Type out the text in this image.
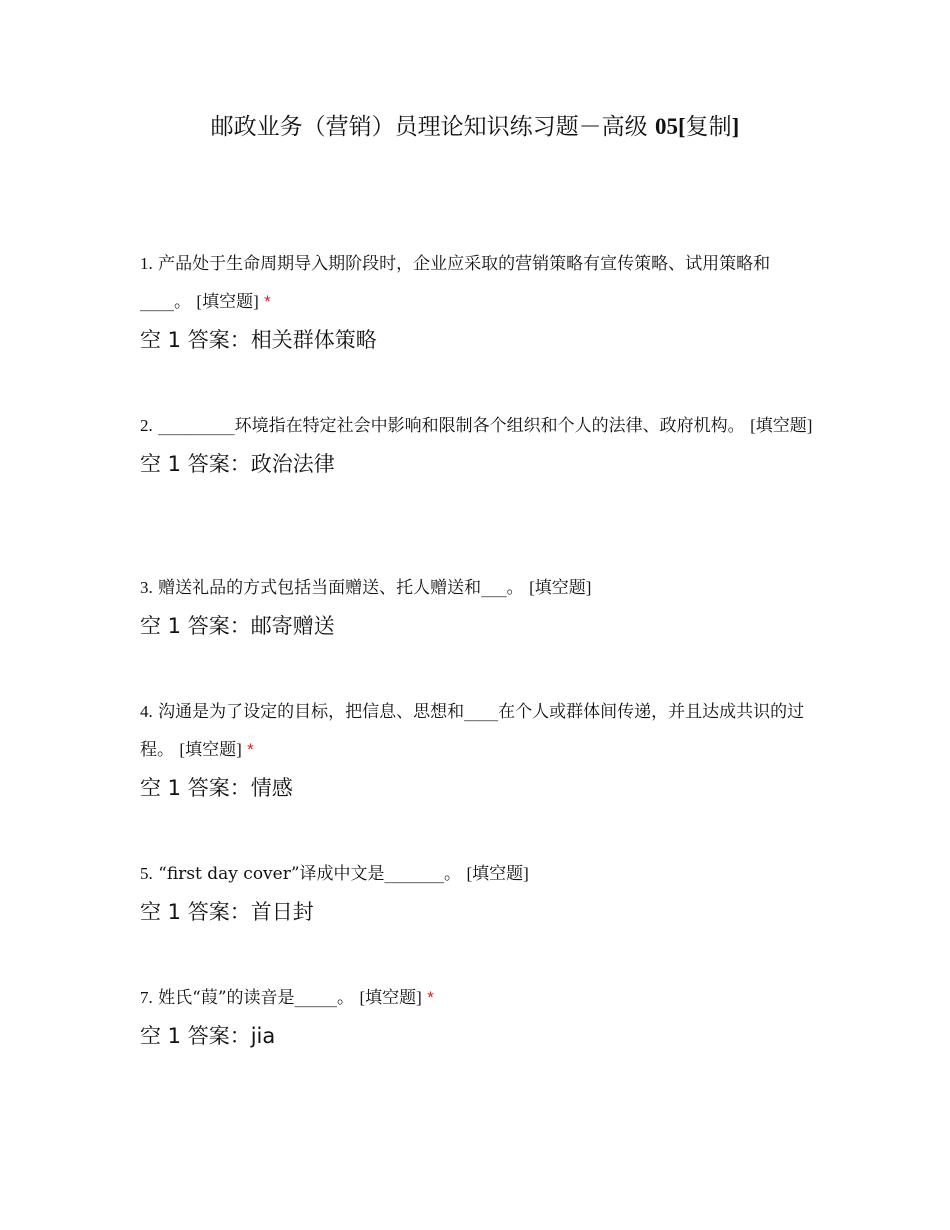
邮政业务（营销）员理论知识练习题－高级 05[复制]

1. 产品处于生命周期导入期阶段时，企业应采取的营销策略有宣传策略、试用策略和____。 [填空题] *

空 1 答案：相关群体策略

2. _________环境指在特定社会中影响和限制各个组织和个人的法律、政府机构。 [填空题]

空 1 答案：政治法律

3. 赠送礼品的方式包括当面赠送、托人赠送和___。 [填空题]

空 1 答案：邮寄赠送

4. 沟通是为了设定的目标，把信息、思想和____在个人或群体间传递，并且达成共识的过程。 [填空题] *

空 1 答案：情感

5. “first day cover”译成中文是_______。 [填空题]

空 1 答案：首日封

7. 姓氏“葭”的读音是_____。 [填空题] *

空 1 答案：jia
